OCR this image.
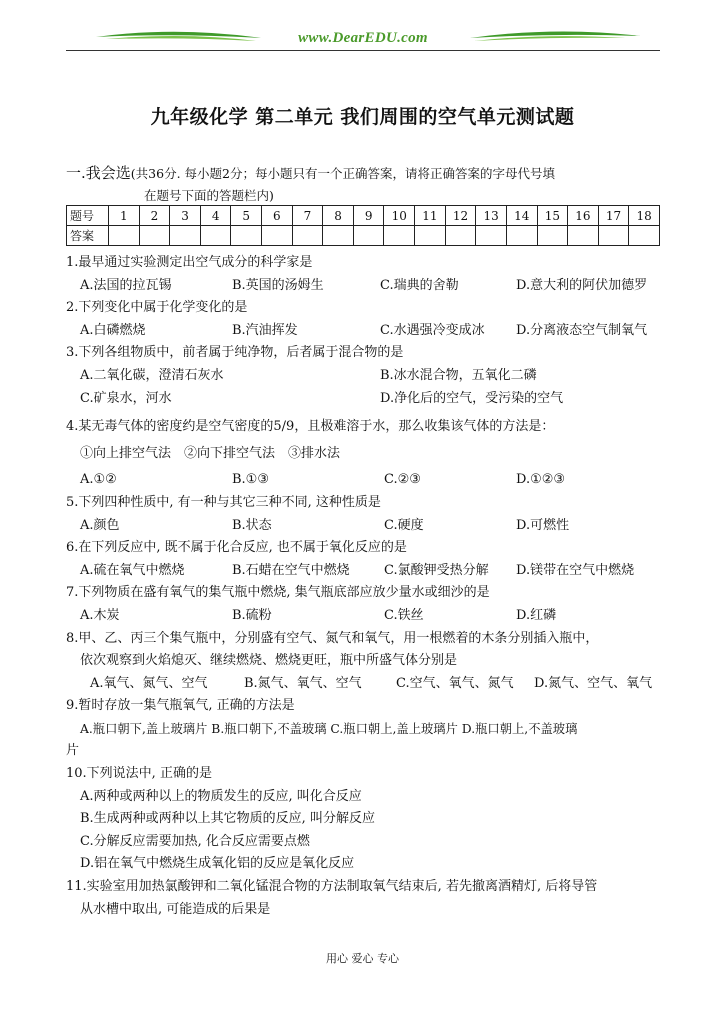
www.DearEDU.com
九年级化学 第二单元 我们周围的空气单元测试题
一.我会选(共36分. 每小题2分；每小题只有一个正确答案，请将正确答案的字母代号填
在题号下面的答题栏内)
题号	1	2	3	4	5	6	7	8	9	10	11	12	13	14	15	16	17	18
答案																		
1.最早通过实验测定出空气成分的科学家是
A.法国的拉瓦锡	B.英国的汤姆生	C.瑞典的舍勒	D.意大利的阿伏加德罗
2.下列变化中属于化学变化的是
A.白磷燃烧	B.汽油挥发	C.水遇强冷变成冰 D.分离液态空气制氧气
3.下列各组物质中，前者属于纯净物，后者属于混合物的是
A.二氧化碳，澄清石灰水	B.冰水混合物，五氧化二磷
C.矿泉水，河水	D.净化后的空气，受污染的空气
4.某无毒气体的密度约是空气密度的5/9，且极难溶于水，那么收集该气体的方法是：
①向上排空气法　②向下排空气法　③排水法
A.①②	B.①③	C.②③	D.①②③
5.下列四种性质中, 有一种与其它三种不同, 这种性质是
A.颜色	B.状态	C.硬度	D.可燃性
6.在下列反应中, 既不属于化合反应, 也不属于氧化反应的是
A.硫在氧气中燃烧	B.石蜡在空气中燃烧	C.氯酸钾受热分解 D.镁带在空气中燃烧
7.下列物质在盛有氧气的集气瓶中燃烧, 集气瓶底部应放少量水或细沙的是
A.木炭	B.硫粉	C.铁丝	D.红磷
8.甲、乙、丙三个集气瓶中，分别盛有空气、氮气和氧气，用一根燃着的木条分别插入瓶中，
依次观察到火焰熄灭、继续燃烧、燃烧更旺，瓶中所盛气体分别是
A.氧气、氮气、空气	B.氮气、氧气、空气	C.空气、氧气、氮气 D.氮气、空气、氧气
9.暂时存放一集气瓶氧气, 正确的方法是
A.瓶口朝下,盖上玻璃片 B.瓶口朝下,不盖玻璃 C.瓶口朝上,盖上玻璃片 D.瓶口朝上,不盖玻璃
片
10.下列说法中, 正确的是
A.两种或两种以上的物质发生的反应, 叫化合反应
B.生成两种或两种以上其它物质的反应, 叫分解反应
C.分解反应需要加热, 化合反应需要点燃
D.铝在氧气中燃烧生成氧化铝的反应是氧化反应
11.实验室用加热氯酸钾和二氧化锰混合物的方法制取氧气结束后, 若先撤离酒精灯, 后将导管
从水槽中取出, 可能造成的后果是
用心 爱心 专心
